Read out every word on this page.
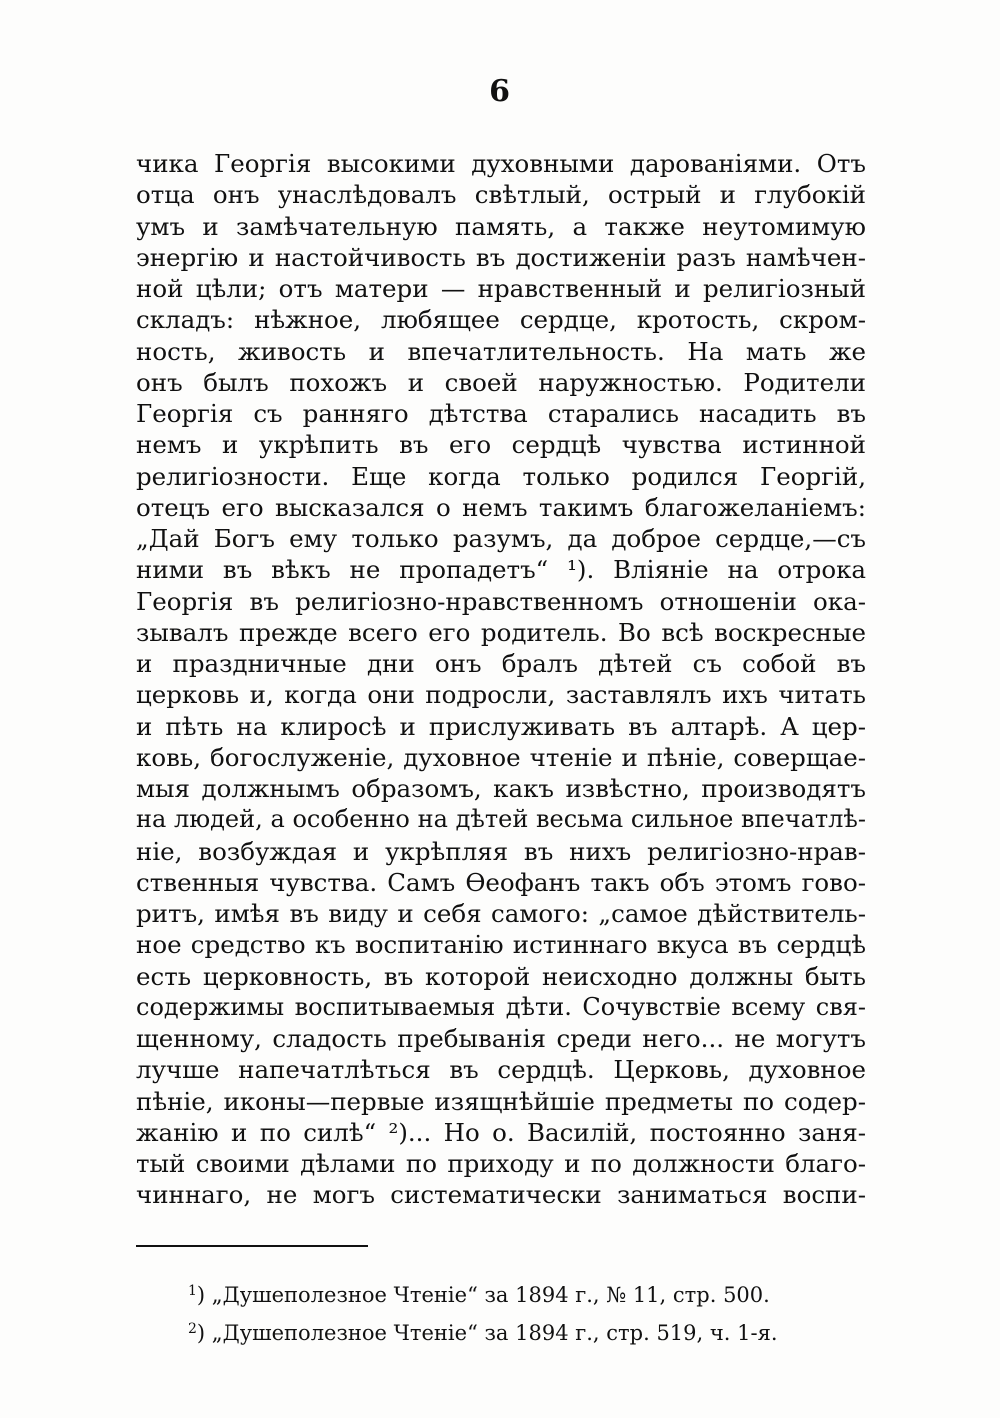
6
чика Георгія высокими духовными дарованіями. Отъ
отца онъ унаслѣдовалъ свѣтлый, острый и глубокій
умъ и замѣчательную память, а также неутомимую
энергію и настойчивость въ достиженіи разъ намѣчен-
ной цѣли; отъ матери — нравственный и религіозный
складъ: нѣжное, любящее сердце, кротость, скром-
ность, живость и впечатлительность. На мать же
онъ былъ похожъ и своей наружностью. Родители
Георгія съ ранняго дѣтства старались насадить въ
немъ и укрѣпить въ его сердцѣ чувства истинной
религіозности. Еще когда только родился Георгій,
отецъ его высказался о немъ такимъ благожеланіемъ:
„Дай Богъ ему только разумъ, да доброе сердце,—съ
ними въ вѣкъ не пропадетъ“ ¹). Вліяніе на отрока
Георгія въ религіозно-нравственномъ отношеніи ока-
зывалъ прежде всего его родитель. Во всѣ воскресные
и праздничные дни онъ бралъ дѣтей съ собой въ
церковь и, когда они подросли, заставлялъ ихъ читать
и пѣть на клиросѣ и прислуживать въ алтарѣ. А цер-
ковь, богослуженіе, духовное чтеніе и пѣніе, соверщае-
мыя должнымъ образомъ, какъ извѣстно, производятъ
на людей, а особенно на дѣтей весьма сильное впечатлѣ-
ніе, возбуждая и укрѣпляя въ нихъ религіозно-нрав-
ственныя чувства. Самъ Ѳеофанъ такъ объ этомъ гово-
ритъ, имѣя въ виду и себя самого: „самое дѣйствитель-
ное средство къ воспитанію истиннаго вкуса въ сердцѣ
есть церковность, въ которой неисходно должны быть
содержимы воспитываемыя дѣти. Сочувствіе всему свя-
щенному, сладость пребыванія среди него... не могутъ
лучше напечатлѣться въ сердцѣ. Церковь, духовное
пѣніе, иконы—первые изящнѣйшіе предметы по содер-
жанію и по силѣ“ ²)... Но о. Василій, постоянно заня-
тый своими дѣлами по приходу и по должности благо-
чиннаго, не могъ систематически заниматься воспи-
$^1$) „Душеполезное Чтеніе“ за 1894 г., № 11, стр. 500.
$^2$) „Душеполезное Чтеніе“ за 1894 г., стр. 519, ч. 1-я.
